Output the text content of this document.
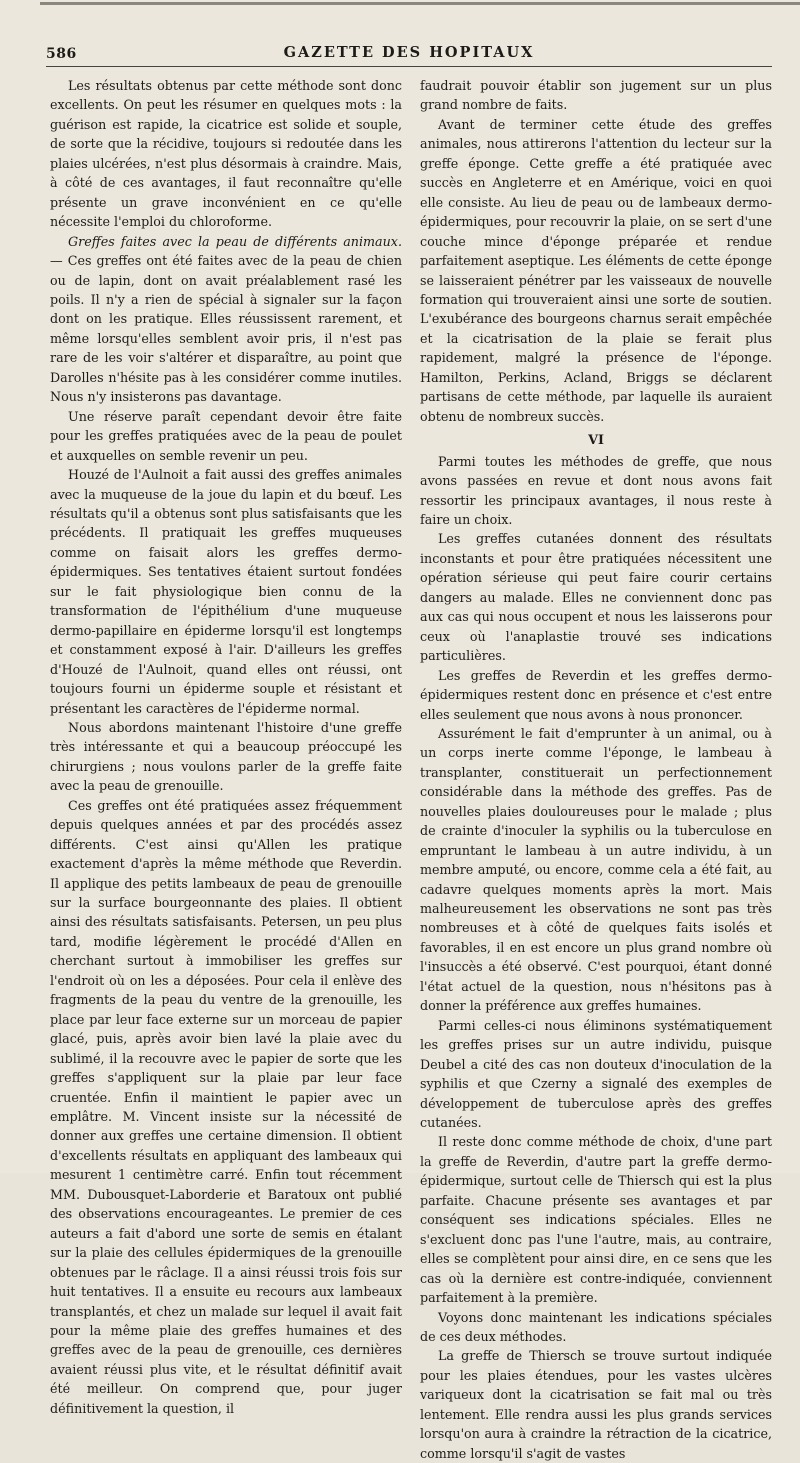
586	GAZETTE DES HOPITAUX

Les résultats obtenus par cette méthode sont donc excellents. On peut les résumer en quelques mots : la guérison est rapide, la cicatrice est solide et souple, de sorte que la récidive, toujours si redoutée dans les plaies ulcérées, n'est plus désormais à craindre. Mais, à côté de ces avantages, il faut reconnaître qu'elle présente un grave inconvénient en ce qu'elle nécessite l'emploi du chloroforme.

Greffes faites avec la peau de différents animaux. — Ces greffes ont été faites avec de la peau de chien ou de lapin, dont on avait préalablement rasé les poils. Il n'y a rien de spécial à signaler sur la façon dont on les pratique. Elles réussissent rarement, et même lorsqu'elles semblent avoir pris, il n'est pas rare de les voir s'altérer et disparaître, au point que Darolles n'hésite pas à les considérer comme inutiles. Nous n'y insisterons pas davantage.

Une réserve paraît cependant devoir être faite pour les greffes pratiquées avec de la peau de poulet et auxquelles on semble revenir un peu.

Houzé de l'Aulnoit a fait aussi des greffes animales avec la muqueuse de la joue du lapin et du bœuf. Les résultats qu'il a obtenus sont plus satisfaisants que les précédents. Il pratiquait les greffes muqueuses comme on faisait alors les greffes dermo-épidermiques. Ses tentatives étaient surtout fondées sur le fait physiologique bien connu de la transformation de l'épithélium d'une muqueuse dermo-papillaire en épiderme lorsqu'il est longtemps et constamment exposé à l'air. D'ailleurs les greffes d'Houzé de l'Aulnoit, quand elles ont réussi, ont toujours fourni un épiderme souple et résistant et présentant les caractères de l'épiderme normal.

Nous abordons maintenant l'histoire d'une greffe très intéressante et qui a beaucoup préoccupé les chirurgiens ; nous voulons parler de la greffe faite avec la peau de grenouille.

Ces greffes ont été pratiquées assez fréquemment depuis quelques années et par des procédés assez différents. C'est ainsi qu'Allen les pratique exactement d'après la même méthode que Reverdin. Il applique des petits lambeaux de peau de grenouille sur la surface bourgeonnante des plaies. Il obtient ainsi des résultats satisfaisants. Petersen, un peu plus tard, modifie légèrement le procédé d'Allen en cherchant surtout à immobiliser les greffes sur l'endroit où on les a déposées. Pour cela il enlève des fragments de la peau du ventre de la grenouille, les place par leur face externe sur un morceau de papier glacé, puis, après avoir bien lavé la plaie avec du sublimé, il la recouvre avec le papier de sorte que les greffes s'appliquent sur la plaie par leur face cruentée. Enfin il maintient le papier avec un emplâtre. M. Vincent insiste sur la nécessité de donner aux greffes une certaine dimension. Il obtient d'excellents résultats en appliquant des lambeaux qui mesurent 1 centimètre carré. Enfin tout récemment MM. Dubousquet-Laborderie et Baratoux ont publié des observations encourageantes. Le premier de ces auteurs a fait d'abord une sorte de semis en étalant sur la plaie des cellules épidermiques de la grenouille obtenues par le râclage. Il a ainsi réussi trois fois sur huit tentatives. Il a ensuite eu recours aux lambeaux transplantés, et chez un malade sur lequel il avait fait pour la même plaie des greffes humaines et des greffes avec de la peau de grenouille, ces dernières avaient réussi plus vite, et le résultat définitif avait été meilleur. On comprend que, pour juger définitivement la question, il

faudrait pouvoir établir son jugement sur un plus grand nombre de faits.

Avant de terminer cette étude des greffes animales, nous attirerons l'attention du lecteur sur la greffe éponge. Cette greffe a été pratiquée avec succès en Angleterre et en Amérique, voici en quoi elle consiste. Au lieu de peau ou de lambeaux dermo-épidermiques, pour recouvrir la plaie, on se sert d'une couche mince d'éponge préparée et rendue parfaitement aseptique. Les éléments de cette éponge se laisseraient pénétrer par les vaisseaux de nouvelle formation qui trouveraient ainsi une sorte de soutien. L'exubérance des bourgeons charnus serait empêchée et la cicatrisation de la plaie se ferait plus rapidement, malgré la présence de l'éponge. Hamilton, Perkins, Acland, Briggs se déclarent partisans de cette méthode, par laquelle ils auraient obtenu de nombreux succès.

VI

Parmi toutes les méthodes de greffe, que nous avons passées en revue et dont nous avons fait ressortir les principaux avantages, il nous reste à faire un choix.

Les greffes cutanées donnent des résultats inconstants et pour être pratiquées nécessitent une opération sérieuse qui peut faire courir certains dangers au malade. Elles ne conviennent donc pas aux cas qui nous occupent et nous les laisserons pour ceux où l'anaplastie trouvé ses indications particulières.

Les greffes de Reverdin et les greffes dermo-épidermiques restent donc en présence et c'est entre elles seulement que nous avons à nous prononcer.

Assurément le fait d'emprunter à un animal, ou à un corps inerte comme l'éponge, le lambeau à transplanter, constituerait un perfectionnement considérable dans la méthode des greffes. Pas de nouvelles plaies douloureuses pour le malade ; plus de crainte d'inoculer la syphilis ou la tuberculose en empruntant le lambeau à un autre individu, à un membre amputé, ou encore, comme cela a été fait, au cadavre quelques moments après la mort. Mais malheureusement les observations ne sont pas très nombreuses et à côté de quelques faits isolés et favorables, il en est encore un plus grand nombre où l'insuccès a été observé. C'est pourquoi, étant donné l'état actuel de la question, nous n'hésitons pas à donner la préférence aux greffes humaines.

Parmi celles-ci nous éliminons systématiquement les greffes prises sur un autre individu, puisque Deubel a cité des cas non douteux d'inoculation de la syphilis et que Czerny a signalé des exemples de développement de tuberculose après des greffes cutanées.

Il reste donc comme méthode de choix, d'une part la greffe de Reverdin, d'autre part la greffe dermo-épidermique, surtout celle de Thiersch qui est la plus parfaite. Chacune présente ses avantages et par conséquent ses indications spéciales. Elles ne s'excluent donc pas l'une l'autre, mais, au contraire, elles se complètent pour ainsi dire, en ce sens que les cas où la dernière est contre-indiquée, conviennent parfaitement à la première.

Voyons donc maintenant les indications spéciales de ces deux méthodes.

La greffe de Thiersch se trouve surtout indiquée pour les plaies étendues, pour les vastes ulcères variqueux dont la cicatrisation se fait mal ou très lentement. Elle rendra aussi les plus grands services lorsqu'on aura à craindre la rétraction de la cicatrice, comme lorsqu'il s'agit de vastes
